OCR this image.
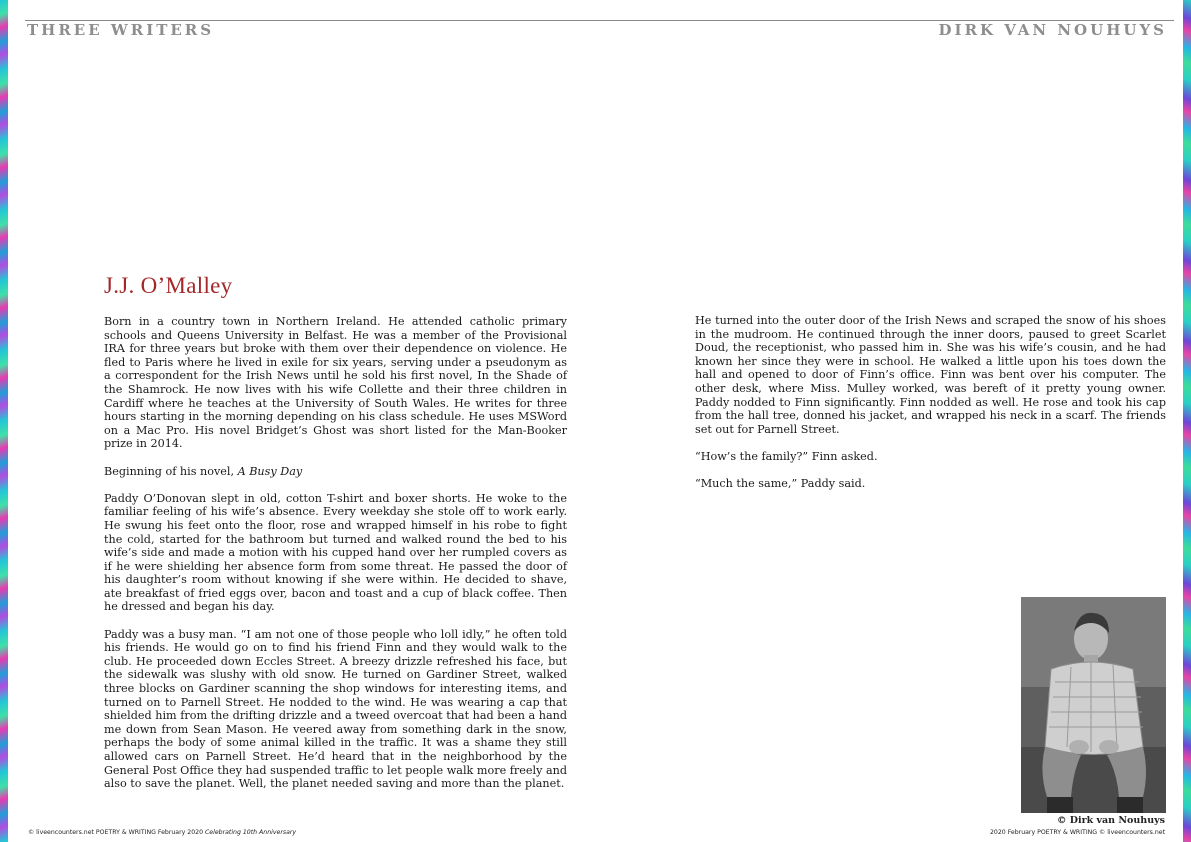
THREE WRITERS	DIRK VAN NOUHUYS
J.J. O’Malley

Born in a country town in Northern Ireland. He attended catholic primary schools and Queens University in Belfast. He was a member of the Provisional IRA for three years but broke with them over their dependence on violence. He fled to Paris where he lived in exile for six years, serving under a pseudonym as a correspondent for the Irish News until he sold his first novel, In the Shade of the Shamrock. He now lives with his wife Collette and their three children in Cardiff where he teaches at the University of South Wales. He writes for three hours starting in the morning depending on his class schedule. He uses MSWord on a Mac Pro. His novel Bridget’s Ghost was short listed for the Man-Booker prize in 2014.

Beginning of his novel, A Busy Day

Paddy O’Donovan slept in old, cotton T-shirt and boxer shorts. He woke to the familiar feeling of his wife’s absence. Every weekday she stole off to work early. He swung his feet onto the floor, rose and wrapped himself in his robe to fight the cold, started for the bathroom but turned and walked round the bed to his wife’s side and made a motion with his cupped hand over her rumpled covers as if he were shielding her absence form from some threat. He passed the door of his daughter’s room without knowing if she were within. He decided to shave, ate breakfast of fried eggs over, bacon and toast and a cup of black coffee. Then he dressed and began his day.

Paddy was a busy man. “I am not one of those people who loll idly,” he often told his friends. He would go on to find his friend Finn and they would walk to the club. He proceeded down Eccles Street. A breezy drizzle refreshed his face, but the sidewalk was slushy with old snow. He turned on Gardiner Street, walked three blocks on Gardiner scanning the shop windows for interesting items, and turned on to Parnell Street. He nodded to the wind. He was wearing a cap that shielded him from the drifting drizzle and a tweed overcoat that had been a hand me down from Sean Mason. He veered away from something dark in the snow, perhaps the body of some animal killed in the traffic. It was a shame they still allowed cars on Parnell Street. He’d heard that in the neighborhood by the General Post Office they had suspended traffic to let people walk more freely and also to save the planet. Well, the planet needed saving and more than the planet.

He turned into the outer door of the Irish News and scraped the snow of his shoes in the mudroom. He continued through the inner doors, paused to greet Scarlet Doud, the receptionist, who passed him in. She was his wife’s cousin, and he had known her since they were in school. He walked a little upon his toes down the hall and opened to door of Finn’s office. Finn was bent over his computer. The other desk, where Miss. Mulley worked, was bereft of it pretty young owner. Paddy nodded to Finn significantly. Finn nodded as well. He rose and took his cap from the hall tree, donned his jacket, and wrapped his neck in a scarf. The friends set out for Parnell Street.

“How’s the family?” Finn asked.

“Much the same,” Paddy said.

© Dirk van Nouhuys
© liveencounters.net POETRY & WRITING February 2020 Celebrating 10th Anniversary	2020 February POETRY & WRITING © liveencounters.net
